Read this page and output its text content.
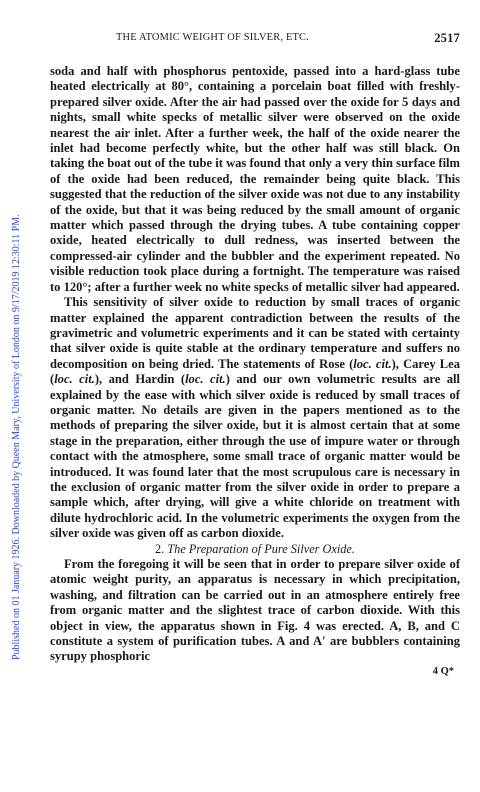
Published on 01 January 1926. Downloaded by Queen Mary, University of London on 9/17/2019 12:30:11 PM.
THE ATOMIC WEIGHT OF SILVER, ETC.	2517

soda and half with phosphorus pentoxide, passed into a hard-glass tube heated electrically at 80°, containing a porcelain boat filled with freshly-prepared silver oxide. After the air had passed over the oxide for 5 days and nights, small white specks of metallic silver were observed on the oxide nearest the air inlet. After a further week, the half of the oxide nearer the inlet had become perfectly white, but the other half was still black. On taking the boat out of the tube it was found that only a very thin surface film of the oxide had been reduced, the remainder being quite black. This suggested that the reduction of the silver oxide was not due to any instability of the oxide, but that it was being reduced by the small amount of organic matter which passed through the drying tubes. A tube containing copper oxide, heated electrically to dull redness, was inserted between the compressed-air cylinder and the bubbler and the experiment repeated. No visible reduction took place during a fortnight. The temperature was raised to 120°; after a further week no white specks of metallic silver had appeared.

This sensitivity of silver oxide to reduction by small traces of organic matter explained the apparent contradiction between the results of the gravimetric and volumetric experiments and it can be stated with certainty that silver oxide is quite stable at the ordinary temperature and suffers no decomposition on being dried. The statements of Rose (loc. cit.), Carey Lea (loc. cit.), and Hardin (loc. cit.) and our own volumetric results are all explained by the ease with which silver oxide is reduced by small traces of organic matter. No details are given in the papers mentioned as to the methods of preparing the silver oxide, but it is almost certain that at some stage in the preparation, either through the use of impure water or through contact with the atmosphere, some small trace of organic matter would be introduced. It was found later that the most scrupulous care is necessary in the exclusion of organic matter from the silver oxide in order to prepare a sample which, after drying, will give a white chloride on treatment with dilute hydrochloric acid. In the volumetric experiments the oxygen from the silver oxide was given off as carbon dioxide.

2. The Preparation of Pure Silver Oxide.

From the foregoing it will be seen that in order to prepare silver oxide of atomic weight purity, an apparatus is necessary in which precipitation, washing, and filtration can be carried out in an atmosphere entirely free from organic matter and the slightest trace of carbon dioxide. With this object in view, the apparatus shown in Fig. 4 was erected. A, B, and C constitute a system of purification tubes. A and A′ are bubblers containing syrupy phosphoric

4 Q*
